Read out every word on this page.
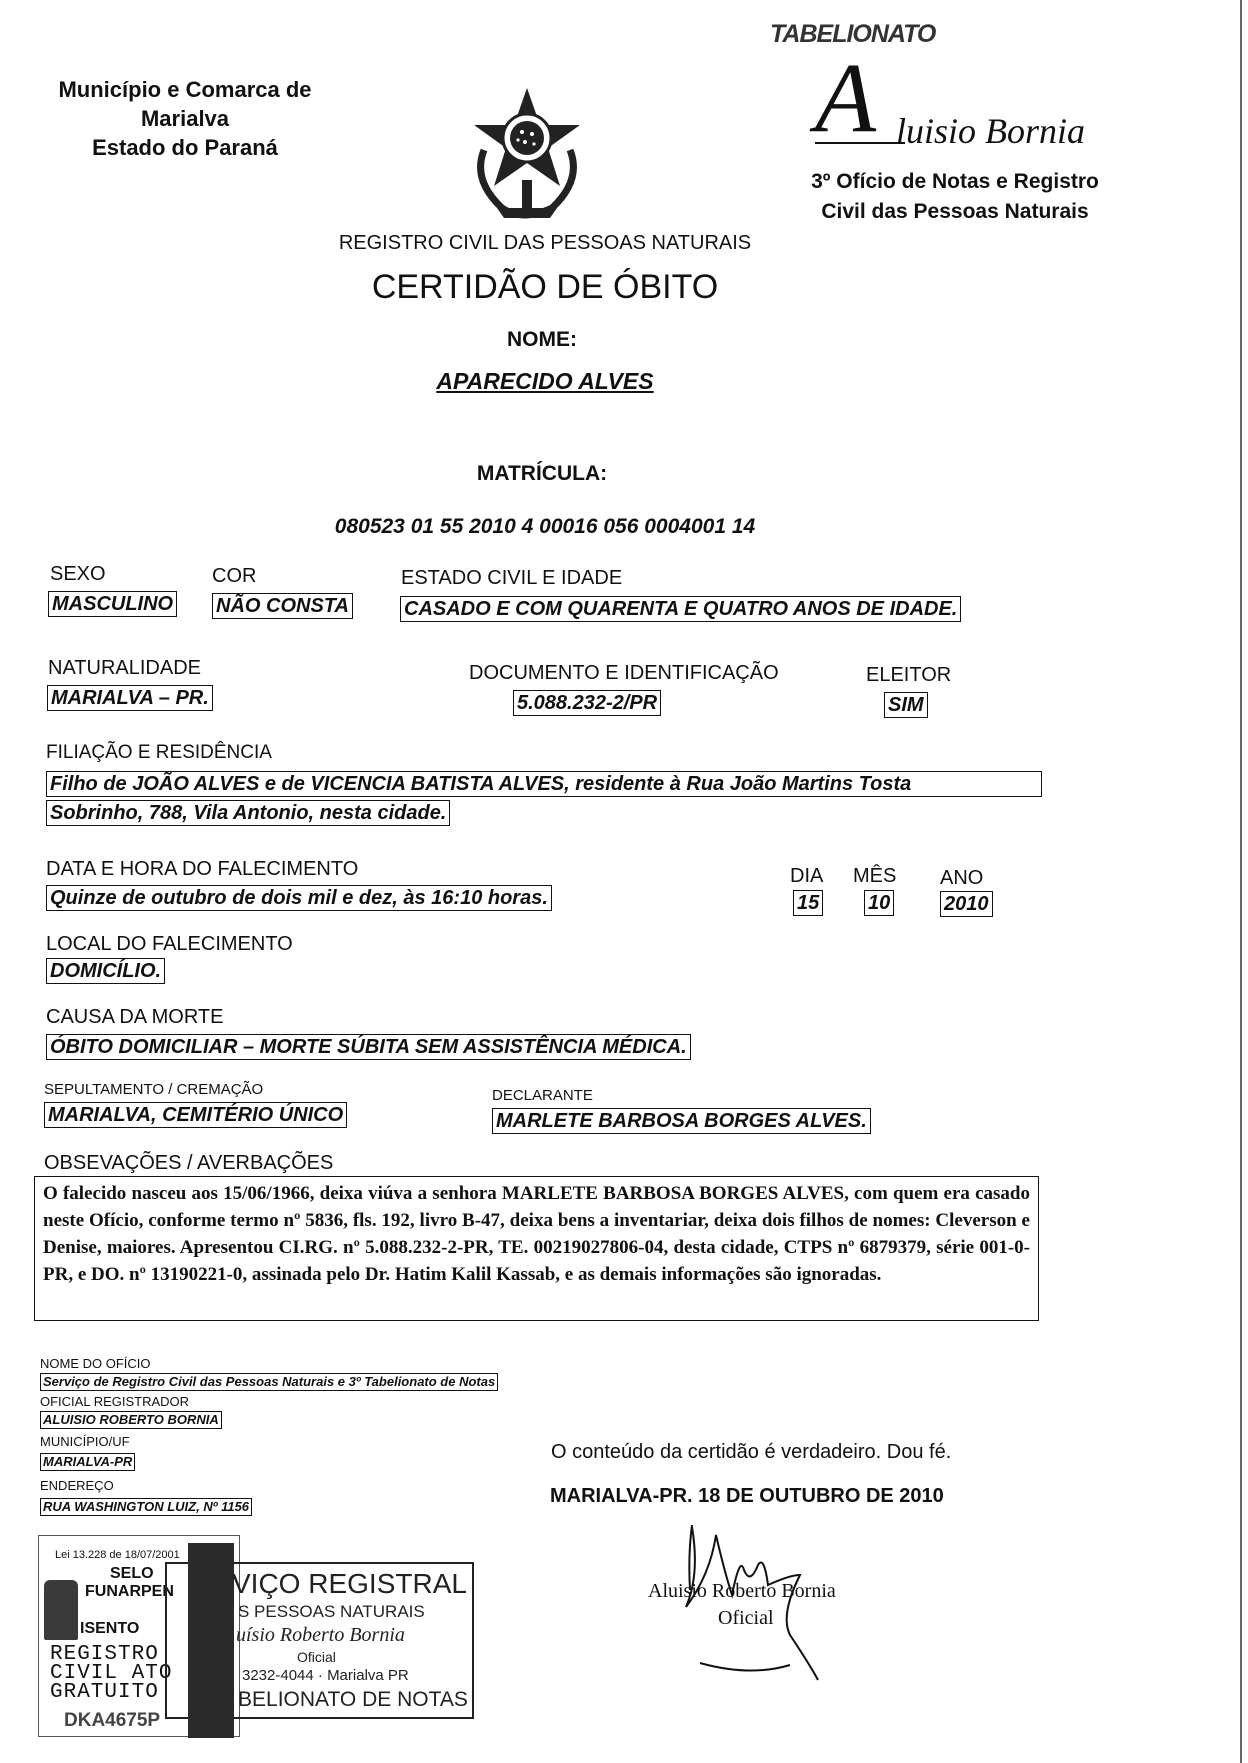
Município e Comarca de Marialva
Estado do Paraná
TABELIONATO
A luisio Bornia
3º Ofício de Notas e Registro
Civil das Pessoas Naturais
REGISTRO CIVIL DAS PESSOAS NATURAIS
CERTIDÃO DE ÓBITO
NOME:
APARECIDO ALVES
MATRÍCULA:
080523 01 55 2010 4 00016 056 0004001 14
SEXO
MASCULINO
COR
NÃO CONSTA
ESTADO CIVIL E IDADE
CASADO E COM QUARENTA E QUATRO ANOS DE IDADE.
NATURALIDADE
MARIALVA – PR.
DOCUMENTO E IDENTIFICAÇÃO
5.088.232-2/PR
ELEITOR
SIM
FILIAÇÃO E RESIDÊNCIA
Filho de JOÃO ALVES e de VICENCIA BATISTA ALVES, residente à Rua João Martins Tosta
Sobrinho, 788, Vila Antonio, nesta cidade.
DATA E HORA DO FALECIMENTO
Quinze de outubro de dois mil e dez, às 16:10 horas.
DIA
15
MÊS
10
ANO
2010
LOCAL DO FALECIMENTO
DOMICÍLIO.
CAUSA DA MORTE
ÓBITO DOMICILIAR – MORTE SÚBITA SEM ASSISTÊNCIA MÉDICA.
SEPULTAMENTO / CREMAÇÃO
MARIALVA, CEMITÉRIO ÚNICO
DECLARANTE
MARLETE BARBOSA BORGES ALVES.
OBSEVAÇÕES / AVERBAÇÕES
O falecido nasceu aos 15/06/1966, deixa viúva a senhora MARLETE BARBOSA BORGES ALVES, com quem era casado neste Ofício, conforme termo nº 5836, fls. 192, livro B-47, deixa bens a inventariar, deixa dois filhos de nomes: Cleverson e Denise, maiores. Apresentou CI.RG. nº 5.088.232-2-PR, TE. 00219027806-04, desta cidade, CTPS nº 6879379, série 001-0-PR, e DO. nº 13190221-0, assinada pelo Dr. Hatim Kalil Kassab, e as demais informações são ignoradas.
NOME DO OFÍCIO
Serviço de Registro Civil das Pessoas Naturais e 3º Tabelionato de Notas
OFICIAL REGISTRADOR
ALUISIO ROBERTO BORNIA
MUNICÍPIO/UF
MARIALVA-PR
ENDEREÇO
RUA WASHINGTON LUIZ, Nº 1156
O conteúdo da certidão é verdadeiro. Dou fé.
MARIALVA-PR. 18 DE OUTUBRO DE 2010
Aluisio Roberto Bornia
Oficial
Lei 13.228 de 18/07/2001
SELO
FUNARPEN
ISENTO
REGISTRO
CIVIL ATO
GRATUITO
DKA4675P
VIÇO REGISTRAL
S PESSOAS NATURAIS
uísio Roberto Bornia
Oficial
3232-4044 · Marialva PR
BELIONATO DE NOTAS
